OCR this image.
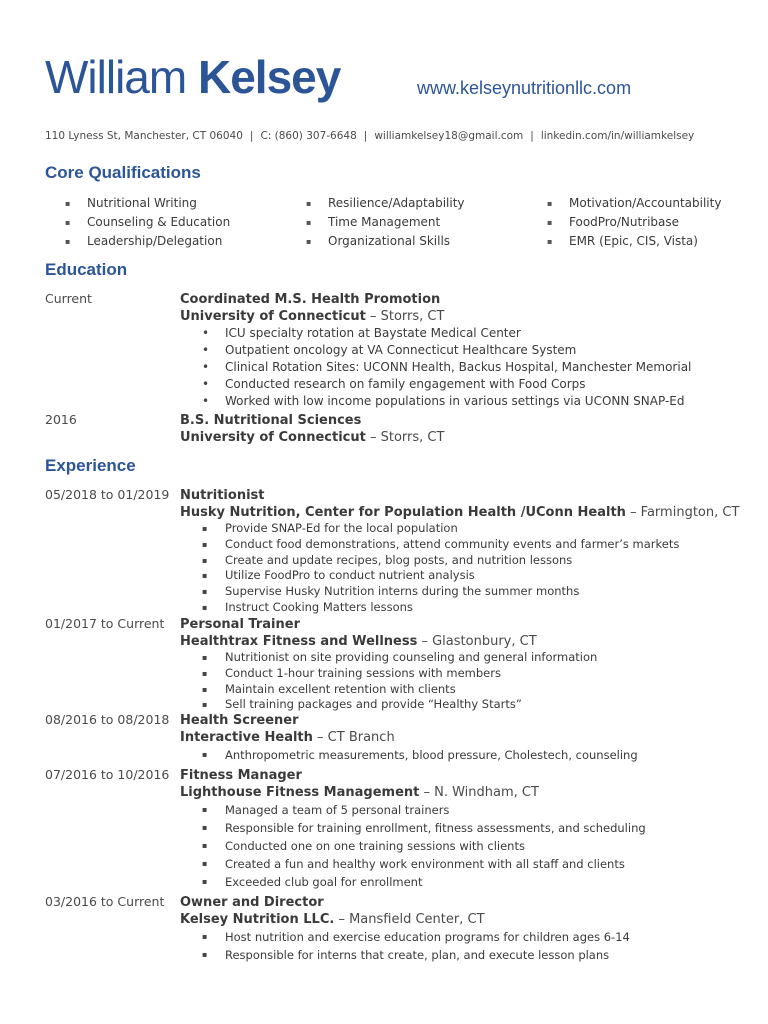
William Kelsey	www.kelseynutritionllc.com
110 Lyness St, Manchester, CT 06040 | C: (860) 307-6648 | williamkelsey18@gmail.com | linkedin.com/in/williamkelsey
Core Qualifications
▪ Nutritional Writing
▪ Counseling & Education
▪ Leadership/Delegation
▪ Resilience/Adaptability
▪ Time Management
▪ Organizational Skills
▪ Motivation/Accountability
▪ FoodPro/Nutribase
▪ EMR (Epic, CIS, Vista)
Education
Current	Coordinated M.S. Health Promotion
University of Connecticut – Storrs, CT
• ICU specialty rotation at Baystate Medical Center
• Outpatient oncology at VA Connecticut Healthcare System
• Clinical Rotation Sites: UCONN Health, Backus Hospital, Manchester Memorial
• Conducted research on family engagement with Food Corps
• Worked with low income populations in various settings via UCONN SNAP-Ed
2016	B.S. Nutritional Sciences
University of Connecticut – Storrs, CT
Experience
05/2018 to 01/2019 Nutritionist
Husky Nutrition, Center for Population Health /UConn Health – Farmington, CT
▪ Provide SNAP-Ed for the local population
▪ Conduct food demonstrations, attend community events and farmer’s markets
▪ Create and update recipes, blog posts, and nutrition lessons
▪ Utilize FoodPro to conduct nutrient analysis
▪ Supervise Husky Nutrition interns during the summer months
▪ Instruct Cooking Matters lessons
01/2017 to Current Personal Trainer
Healthtrax Fitness and Wellness – Glastonbury, CT
▪ Nutritionist on site providing counseling and general information
▪ Conduct 1-hour training sessions with members
▪ Maintain excellent retention with clients
▪ Sell training packages and provide “Healthy Starts”
08/2016 to 08/2018 Health Screener
Interactive Health – CT Branch
▪ Anthropometric measurements, blood pressure, Cholestech, counseling
07/2016 to 10/2016 Fitness Manager
Lighthouse Fitness Management – N. Windham, CT
▪ Managed a team of 5 personal trainers
▪ Responsible for training enrollment, fitness assessments, and scheduling
▪ Conducted one on one training sessions with clients
▪ Created a fun and healthy work environment with all staff and clients
▪ Exceeded club goal for enrollment
03/2016 to Current Owner and Director
Kelsey Nutrition LLC. – Mansfield Center, CT
▪ Host nutrition and exercise education programs for children ages 6-14
▪ Responsible for interns that create, plan, and execute lesson plans
